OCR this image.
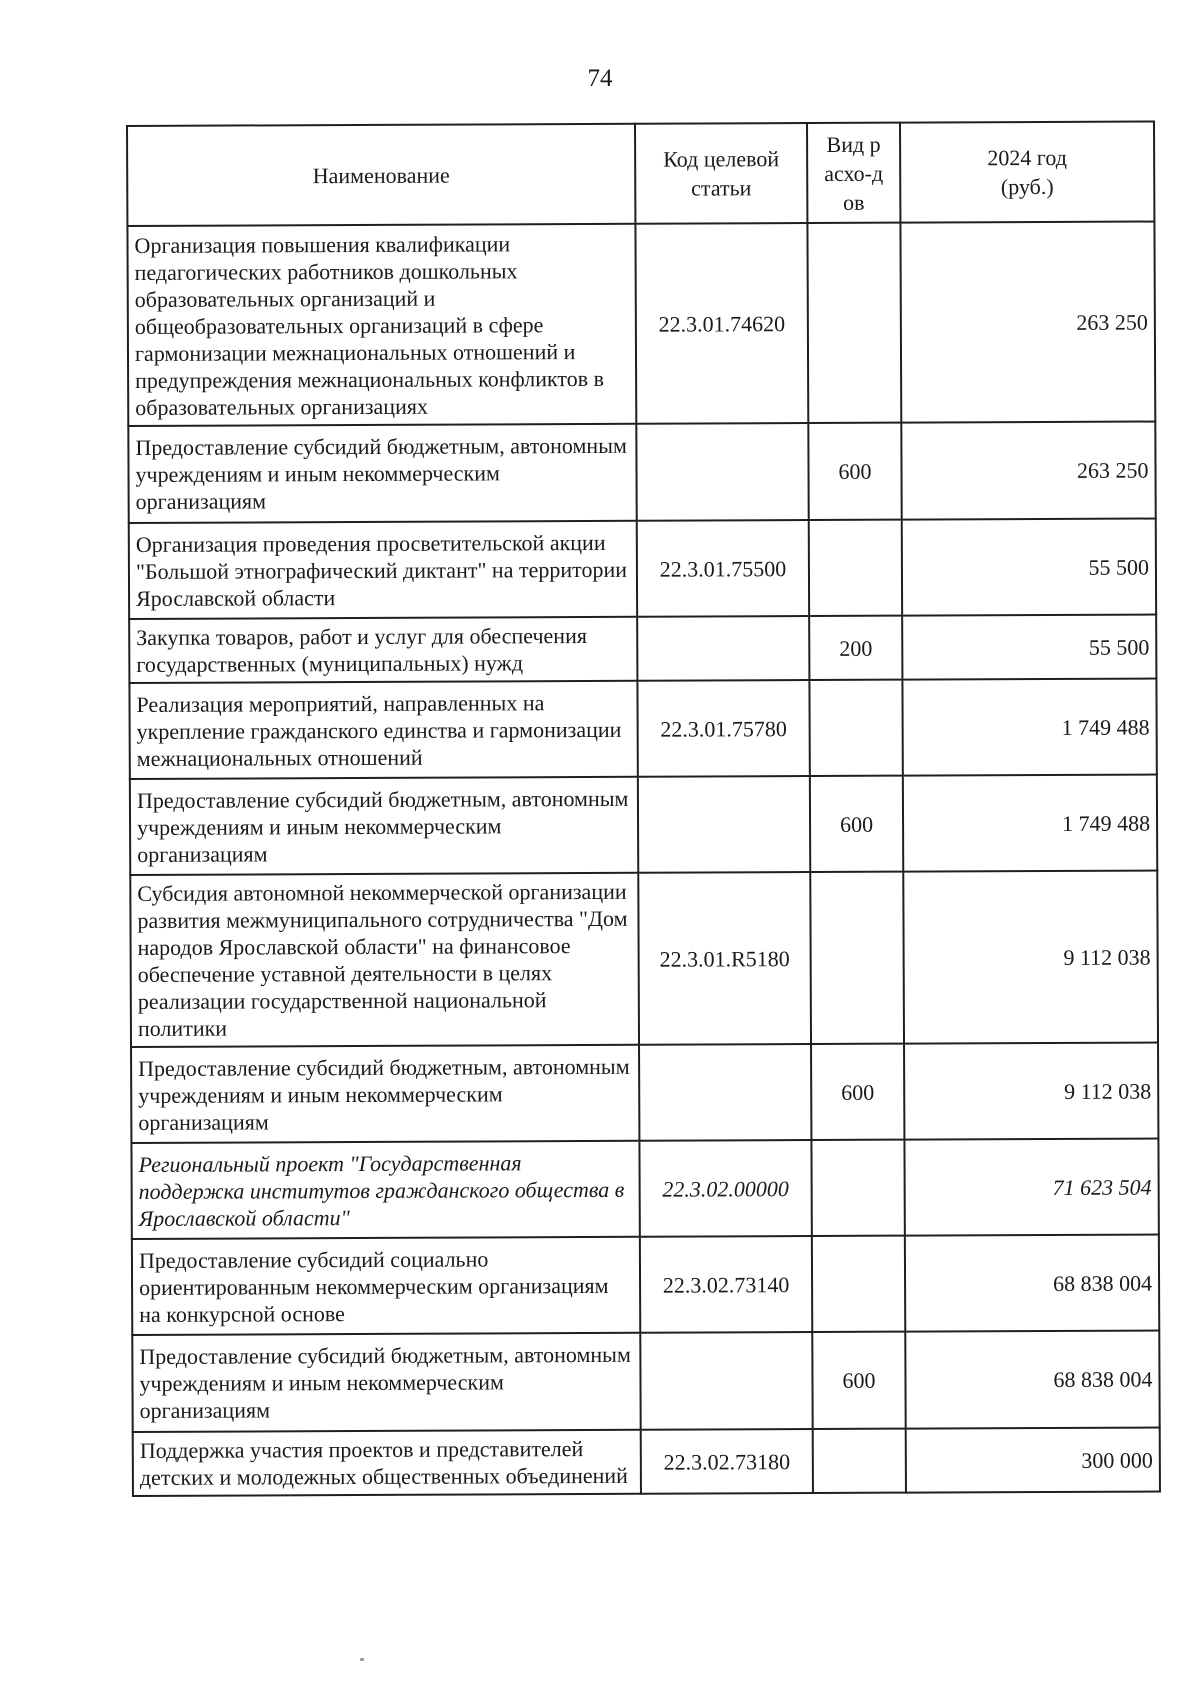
74
Наименование	Код целевой статьи	Вид расхо-дов	2024 год (руб.)
Организация повышения квалификации педагогических работников дошкольных образовательных организаций и общеобразовательных организаций в сфере гармонизации межнациональных отношений и предупреждения межнациональных конфликтов в образовательных организациях	22.3.01.74620		263 250
Предоставление субсидий бюджетным, автономным учреждениям и иным некоммерческим организациям		600	263 250
Организация проведения просветительской акции "Большой этнографический диктант" на территории Ярославской области	22.3.01.75500		55 500
Закупка товаров, работ и услуг для обеспечения государственных (муниципальных) нужд		200	55 500
Реализация мероприятий, направленных на укрепление гражданского единства и гармонизации межнациональных отношений	22.3.01.75780		1 749 488
Предоставление субсидий бюджетным, автономным учреждениям и иным некоммерческим организациям		600	1 749 488
Субсидия автономной некоммерческой организации развития межмуниципального сотрудничества "Дом народов Ярославской области" на финансовое обеспечение уставной деятельности в целях реализации государственной национальной политики	22.3.01.R5180		9 112 038
Предоставление субсидий бюджетным, автономным учреждениям и иным некоммерческим организациям		600	9 112 038
Региональный проект "Государственная поддержка институтов гражданского общества в Ярославской области"	22.3.02.00000		71 623 504
Предоставление субсидий социально ориентированным некоммерческим организациям на конкурсной основе	22.3.02.73140		68 838 004
Предоставление субсидий бюджетным, автономным учреждениям и иным некоммерческим организациям		600	68 838 004
Поддержка участия проектов и представителей детских и молодежных общественных объединений	22.3.02.73180		300 000
